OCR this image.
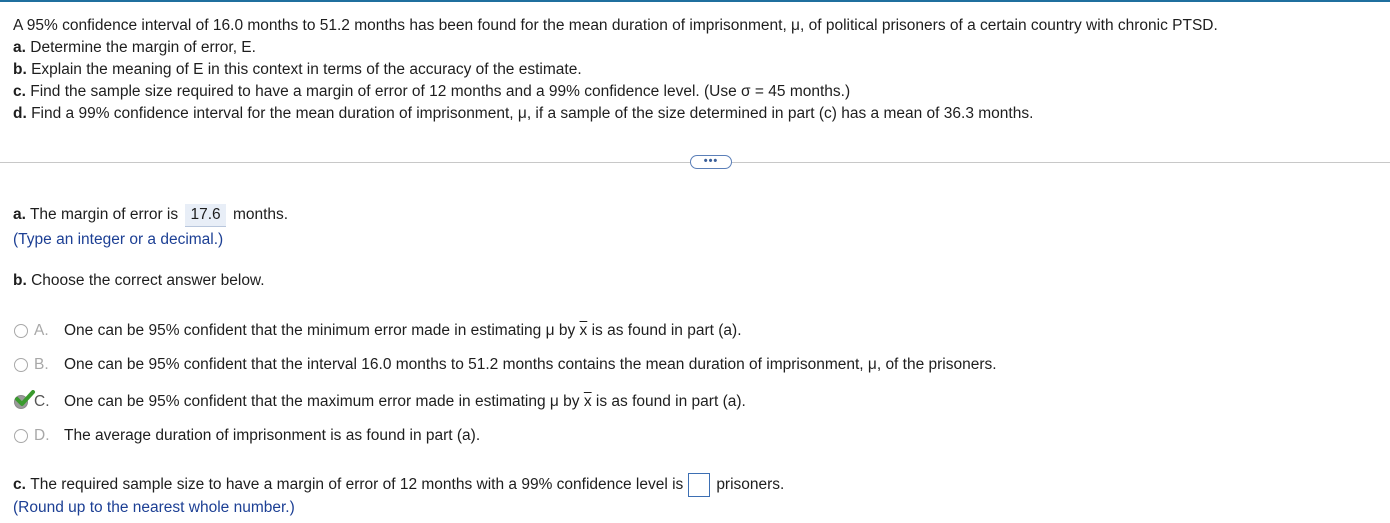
A 95% confidence interval of 16.0 months to 51.2 months has been found for the mean duration of imprisonment, μ, of political prisoners of a certain country with chronic PTSD.
a. Determine the margin of error, E.
b. Explain the meaning of E in this context in terms of the accuracy of the estimate.
c. Find the sample size required to have a margin of error of 12 months and a 99% confidence level. (Use σ = 45 months.)
d. Find a 99% confidence interval for the mean duration of imprisonment, μ, if a sample of the size determined in part (c) has a mean of 36.3 months.
•••
a. The margin of error is 17.6 months.
(Type an integer or a decimal.)
b. Choose the correct answer below.
A. One can be 95% confident that the minimum error made in estimating μ by
$\overline{x}$
is as found in part (a).
B. One can be 95% confident that the interval 16.0 months to 51.2 months contains the mean duration of imprisonment, μ, of the prisoners.
C. One can be 95% confident that the maximum error made in estimating μ by
$\overline{x}$
is as found in part (a).
D. The average duration of imprisonment is as found in part (a).
c.
The required sample size to have a margin of error of 12 months with a 99% confidence level is prisoners.
(Round up to the nearest whole number.)
